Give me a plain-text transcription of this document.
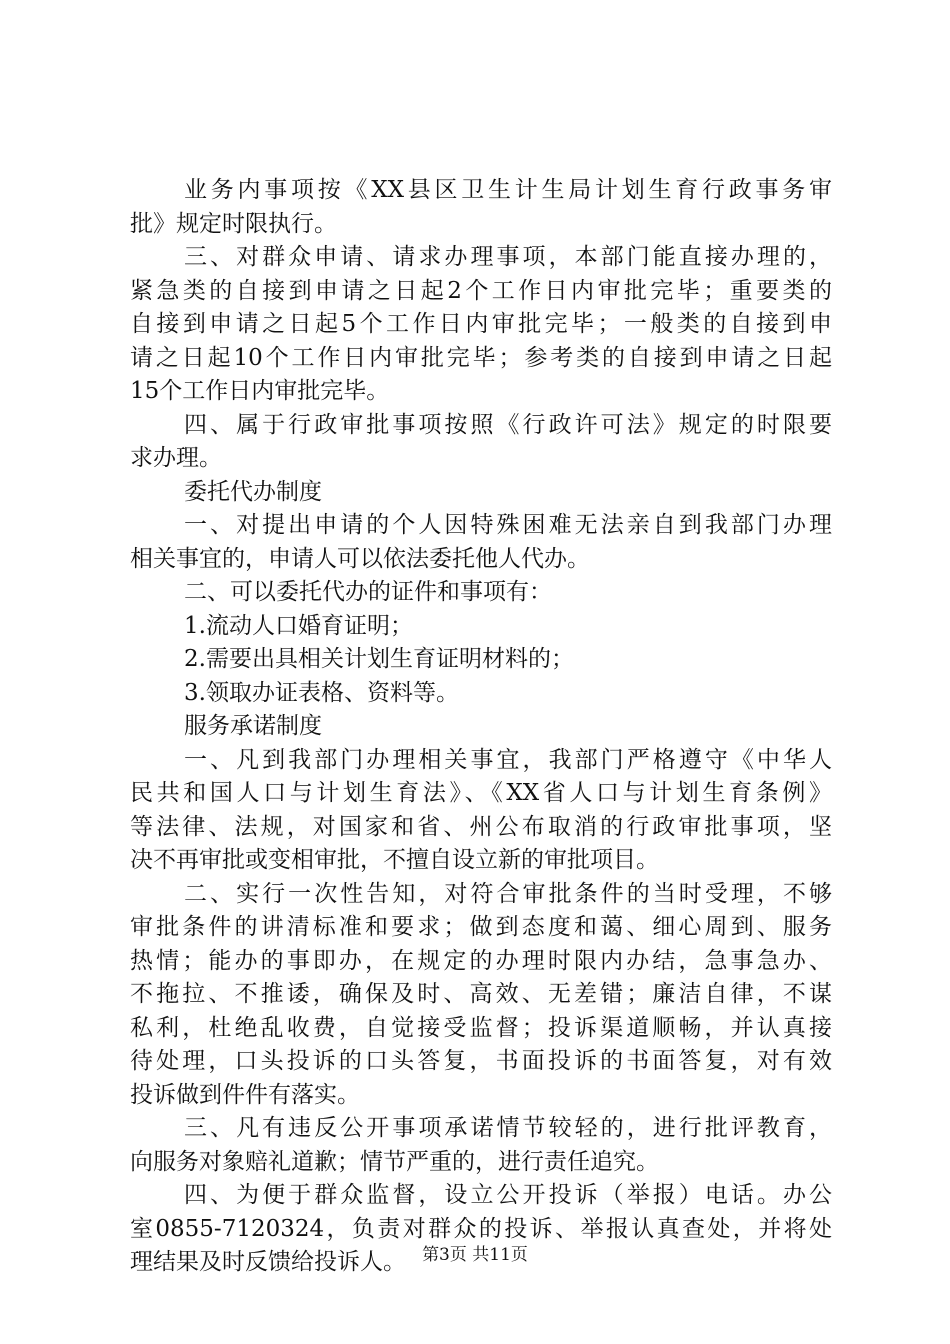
业务内事项按《XX县区卫生计生局计划生育行政事务审
批》规定时限执行。
三、对群众申请、请求办理事项，本部门能直接办理的，
紧急类的自接到申请之日起2个工作日内审批完毕；重要类的
自接到申请之日起5个工作日内审批完毕；一般类的自接到申
请之日起10个工作日内审批完毕；参考类的自接到申请之日起
15个工作日内审批完毕。
四、属于行政审批事项按照《行政许可法》规定的时限要
求办理。
委托代办制度
一、对提出申请的个人因特殊困难无法亲自到我部门办理
相关事宜的，申请人可以依法委托他人代办。
二、可以委托代办的证件和事项有：
1.流动人口婚育证明；
2.需要出具相关计划生育证明材料的；
3.领取办证表格、资料等。
服务承诺制度
一、凡到我部门办理相关事宜，我部门严格遵守《中华人
民共和国人口与计划生育法》、《XX省人口与计划生育条例》
等法律、法规，对国家和省、州公布取消的行政审批事项，坚
决不再审批或变相审批，不擅自设立新的审批项目。
二、实行一次性告知，对符合审批条件的当时受理，不够
审批条件的讲清标准和要求；做到态度和蔼、细心周到、服务
热情；能办的事即办，在规定的办理时限内办结，急事急办、
不拖拉、不推诿，确保及时、高效、无差错；廉洁自律，不谋
私利，杜绝乱收费，自觉接受监督；投诉渠道顺畅，并认真接
待处理，口头投诉的口头答复，书面投诉的书面答复，对有效
投诉做到件件有落实。
三、凡有违反公开事项承诺情节较轻的，进行批评教育，
向服务对象赔礼道歉；情节严重的，进行责任追究。
四、为便于群众监督，设立公开投诉（举报）电话。办公
室0855-7120324，负责对群众的投诉、举报认真查处，并将处
理结果及时反馈给投诉人。 第3页 共11页
